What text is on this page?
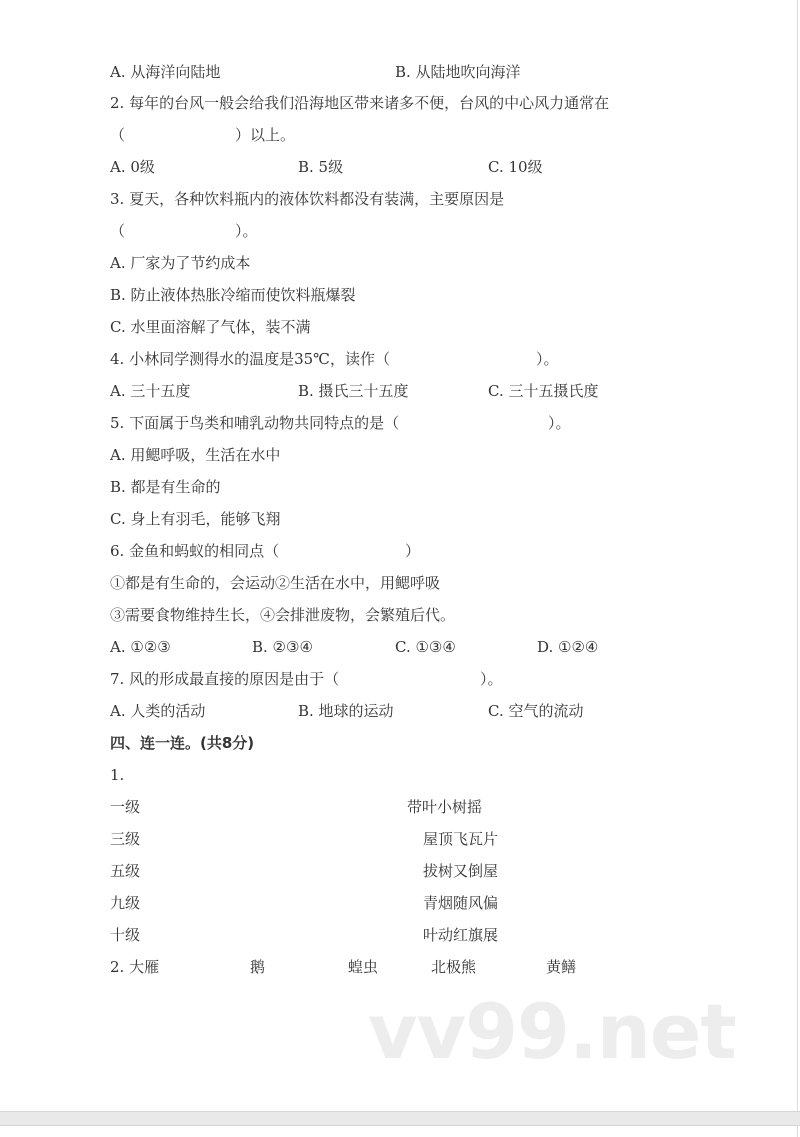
A. 从海洋向陆地	B. 从陆地吹向海洋
2. 每年的台风一般会给我们沿海地区带来诸多不便，台风的中心风力通常在
（	）以上。
A. 0级	B. 5级	C. 10级
3. 夏天，各种饮料瓶内的液体饮料都没有装满，主要原因是
（	）。
A. 厂家为了节约成本
B. 防止液体热胀冷缩而使饮料瓶爆裂
C. 水里面溶解了气体，装不满
4. 小林同学测得水的温度是35℃，读作（	）。
A. 三十五度	B. 摄氏三十五度	C. 三十五摄氏度
5. 下面属于鸟类和哺乳动物共同特点的是（	）。
A. 用鳃呼吸，生活在水中
B. 都是有生命的
C. 身上有羽毛，能够飞翔
6. 金鱼和蚂蚁的相同点（	）
①都是有生命的，会运动②生活在水中，用鳃呼吸
③需要食物维持生长，④会排泄废物，会繁殖后代。
A. ①②③	B. ②③④	C. ①③④	D. ①②④
7. 风的形成最直接的原因是由于（	）。
A. 人类的活动	B. 地球的运动	C. 空气的流动
四、连一连。(共8分)
1.
一级	带叶小树摇
三级	屋顶飞瓦片
五级	拔树又倒屋
九级	青烟随风偏
十级	叶动红旗展
2. 大雁	鹅	蝗虫	北极熊	黄鳝
vv99.net
